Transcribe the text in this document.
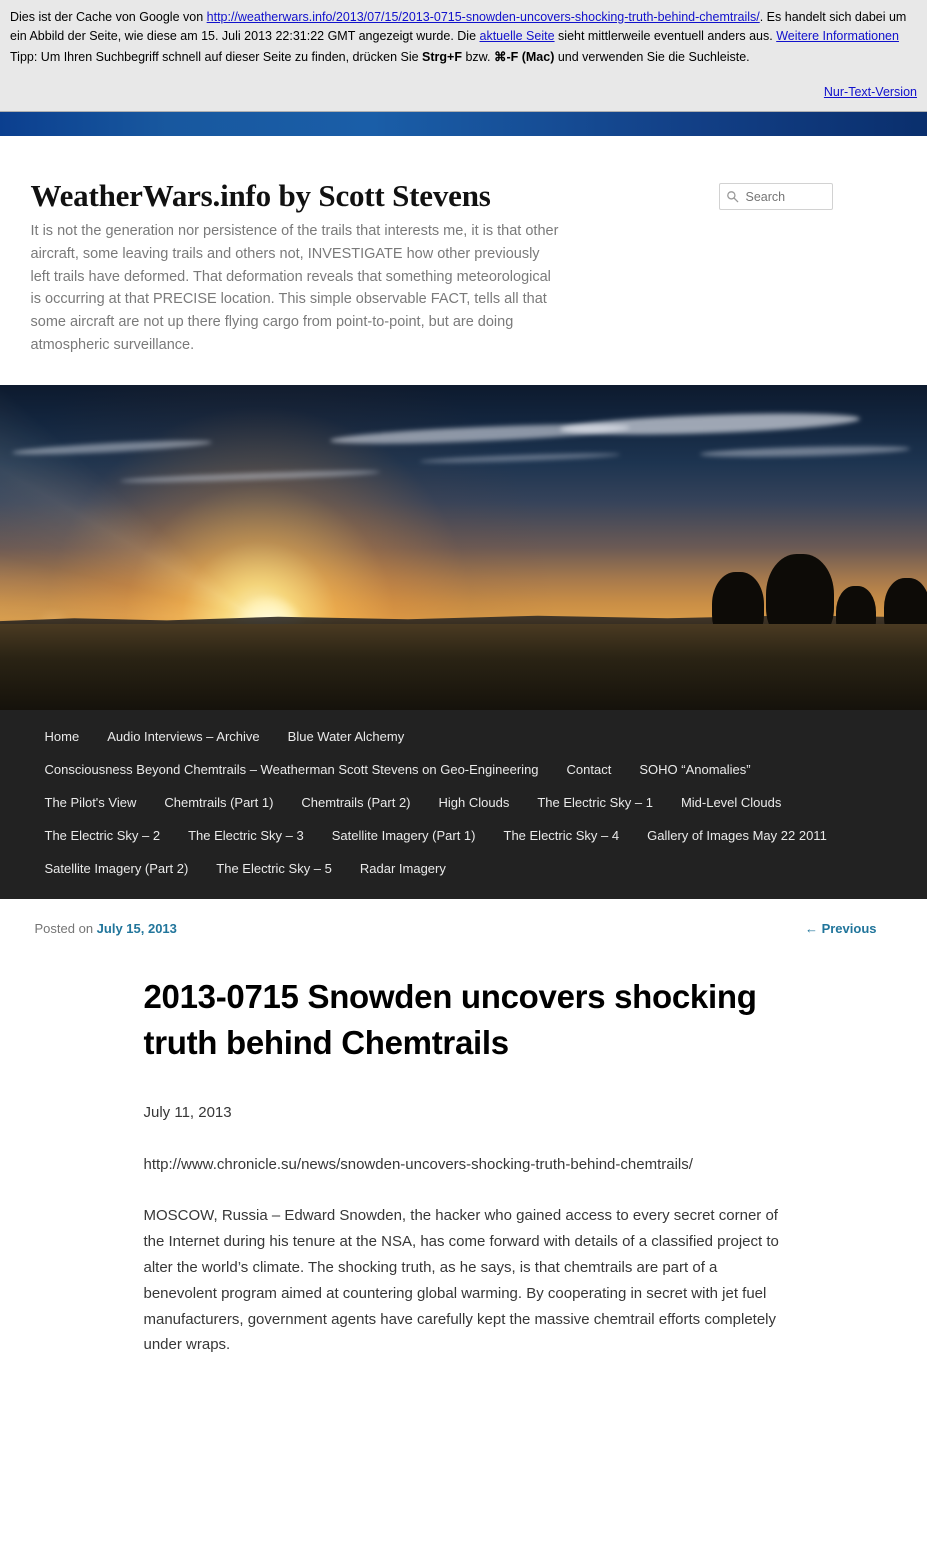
Dies ist der Cache von Google von http://weatherwars.info/2013/07/15/2013-0715-snowden-uncovers-shocking-truth-behind-chemtrails/. Es handelt sich dabei um ein Abbild der Seite, wie diese am 15. Juli 2013 22:31:22 GMT angezeigt wurde. Die aktuelle Seite sieht mittlerweile eventuell anders aus. Weitere Informationen

Tipp: Um Ihren Suchbegriff schnell auf dieser Seite zu finden, drücken Sie Strg+F bzw. ⌘-F (Mac) und verwenden Sie die Suchleiste.

Nur-Text-Version
WeatherWars.info by Scott Stevens

It is not the generation nor persistence of the trails that interests me, it is that other aircraft, some leaving trails and others not, INVESTIGATE how other previously left trails have deformed. That deformation reveals that something meteorological is occurring at that PRECISE location. This simple observable FACT, tells all that some aircraft are not up there flying cargo from point-to-point, but are doing atmospheric surveillance.

Search
Home	Audio Interviews – Archive	Blue Water Alchemy
Consciousness Beyond Chemtrails – Weatherman Scott Stevens on Geo-Engineering	Contact	SOHO “Anomalies”
The Pilot's View	Chemtrails (Part 1)	Chemtrails (Part 2)	High Clouds	The Electric Sky – 1	Mid-Level Clouds
The Electric Sky – 2	The Electric Sky – 3	Satellite Imagery (Part 1)	The Electric Sky – 4	Gallery of Images May 22 2011
Satellite Imagery (Part 2)	The Electric Sky – 5	Radar Imagery
Posted on July 15, 2013	← Previous
2013-0715 Snowden uncovers shocking truth behind Chemtrails

July 11, 2013

http://www.chronicle.su/news/snowden-uncovers-shocking-truth-behind-chemtrails/

MOSCOW, Russia – Edward Snowden, the hacker who gained access to every secret corner of the Internet during his tenure at the NSA, has come forward with details of a classified project to alter the world’s climate. The shocking truth, as he says, is that chemtrails are part of a benevolent program aimed at countering global warming. By cooperating in secret with jet fuel manufacturers, government agents have carefully kept the massive chemtrail efforts completely under wraps.
